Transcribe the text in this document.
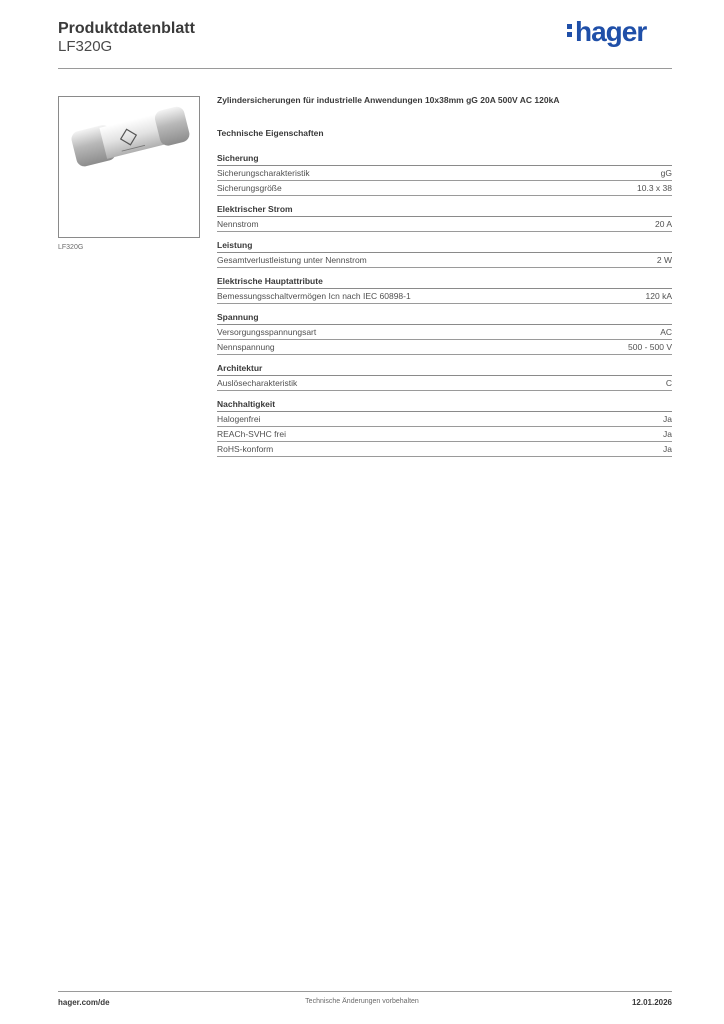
Produktdatenblatt
LF320G	hager
LF320G
Zylindersicherungen für industrielle Anwendungen 10x38mm gG 20A 500V AC 120kA
Technische Eigenschaften
Sicherung
Sicherungscharakteristik	gG
Sicherungsgröße	10.3 x 38
Elektrischer Strom
Nennstrom	20 A
Leistung
Gesamtverlustleistung unter Nennstrom	2 W
Elektrische Hauptattribute
Bemessungsschaltvermögen Icn nach IEC 60898-1	120 kA
Spannung
Versorgungsspannungsart	AC
Nennspannung	500 - 500 V
Architektur
Auslösecharakteristik	C
Nachhaltigkeit
Halogenfrei	Ja
REACh-SVHC frei	Ja
RoHS-konform	Ja
hager.com/de	Technische Änderungen vorbehalten	12.01.2026
